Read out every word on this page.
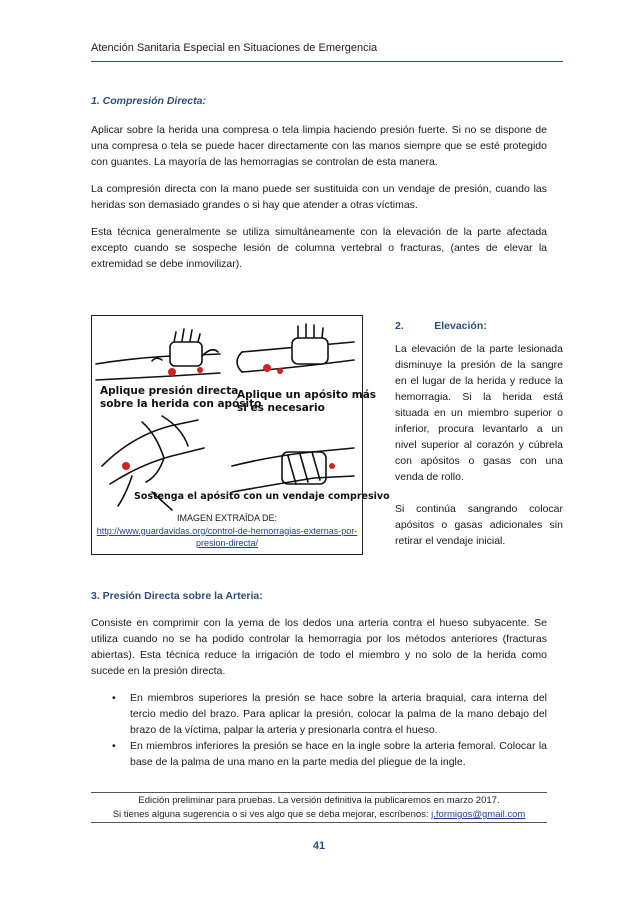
Atención Sanitaria Especial en Situaciones de Emergencia
1. Compresión Directa:
Aplicar sobre la herida una compresa o tela limpia haciendo presión fuerte. Si no se dispone de una compresa o tela se puede hacer directamente con las manos siempre que se esté protegido con guantes. La mayoría de las hemorragias se controlan de esta manera.
La compresión directa con la mano puede ser sustituida con un vendaje de presión, cuando las heridas son demasiado grandes o si hay que atender a otras víctimas.
Esta técnica generalmente se utiliza simultáneamente con la elevación de la parte afectada excepto cuando se sospeche lesión de columna vertebral o fracturas, (antes de elevar la extremidad se debe inmovilizar).
Aplique presión directa
sobre la herida con apósito
Aplique un apósito más
si es necesario
Sostenga el apósito con un vendaje compresivo
IMAGEN EXTRAÍDA DE:
http://www.guardavidas.org/control-de-hemorragias-externas-por-presion-directa/
2.	Elevación:
La elevación de la parte lesionada disminuye la presión de la sangre en el lugar de la herida y reduce la hemorragia. Si la herida está situada en un miembro superior o inferior, procura levantarlo a un nivel superior al corazón y cúbrela con apósitos o gasas con una venda de rollo.
Si continúa sangrando colocar apósitos o gasas adicionales sin retirar el vendaje inicial.
3. Presión Directa sobre la Arteria:
Consiste en comprimir con la yema de los dedos una arteria contra el hueso subyacente. Se utiliza cuando no se ha podido controlar la hemorragia por los métodos anteriores (fracturas abiertas). Esta técnica reduce la irrigación de todo el miembro y no solo de la herida como sucede en la presión directa.
• En miembros superiores la presión se hace sobre la arteria braquial, cara interna del tercio medio del brazo. Para aplicar la presión, colocar la palma de la mano debajo del brazo de la víctima, palpar la arteria y presionarla contra el hueso.
• En miembros inferiores la presión se hace en la ingle sobre la arteria femoral. Colocar la base de la palma de una mano en la parte media del pliegue de la ingle.
Edición preliminar para pruebas. La versión definitiva la publicaremos en marzo 2017.
Si tienes alguna sugerencia o si ves algo que se deba mejorar, escríbenos: j.formigos@gmail.com
41
